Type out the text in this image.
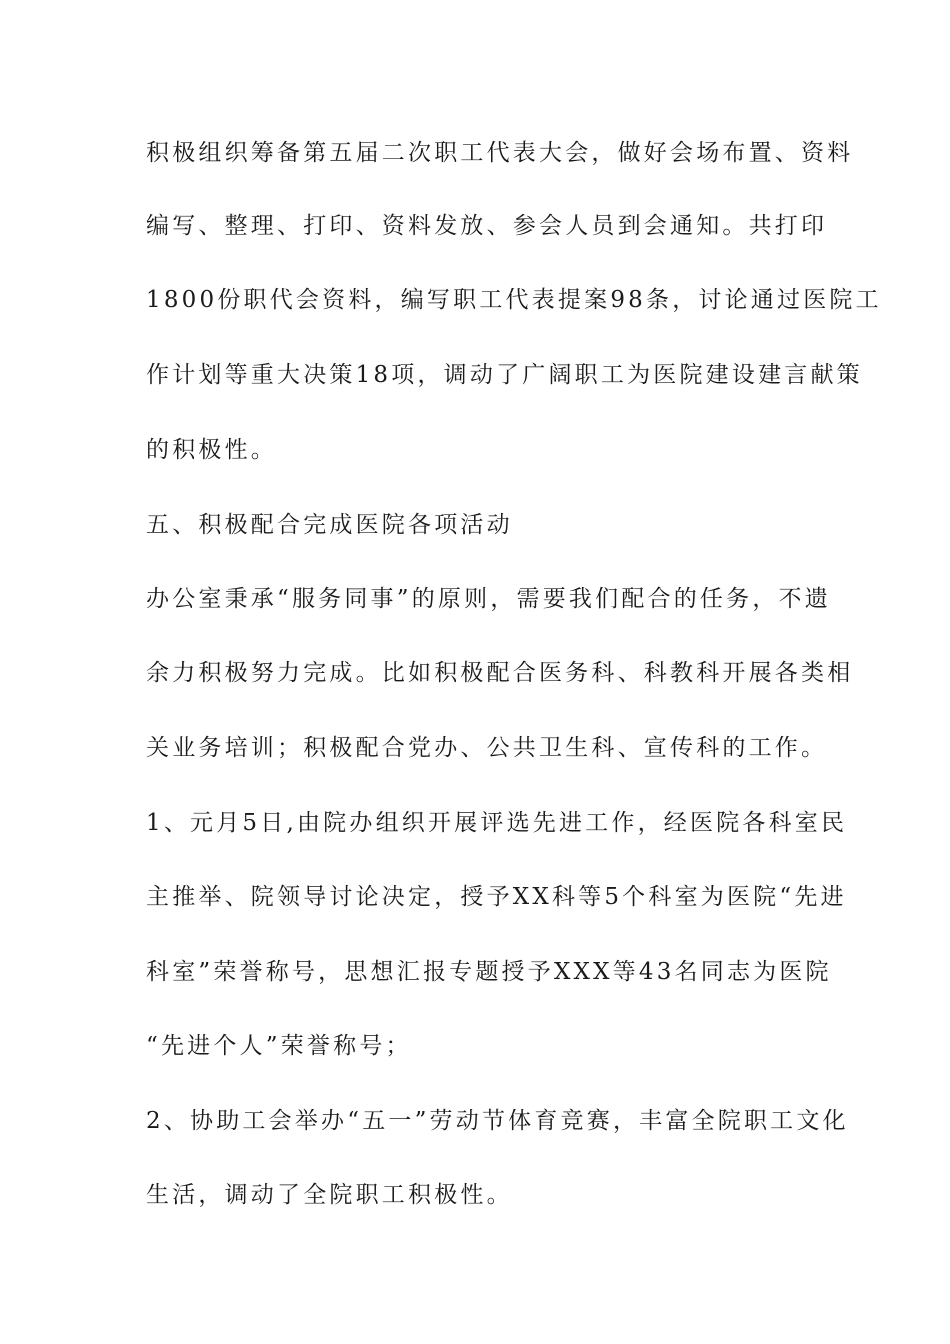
积极组织筹备第五届二次职工代表大会，做好会场布置、资料
编写、整理、打印、资料发放、参会人员到会通知。共打印
1800份职代会资料，编写职工代表提案98条，讨论通过医院工
作计划等重大决策18项，调动了广阔职工为医院建设建言献策
的积极性。
五、积极配合完成医院各项活动
办公室秉承“服务同事”的原则，需要我们配合的任务，不遗
余力积极努力完成。比如积极配合医务科、科教科开展各类相
关业务培训；积极配合党办、公共卫生科、宣传科的工作。
1、元月5日,由院办组织开展评选先进工作，经医院各科室民
主推举、院领导讨论决定，授予XX科等5个科室为医院“先进
科室”荣誉称号，思想汇报专题授予XXX等43名同志为医院
“先进个人”荣誉称号；
2、协助工会举办“五一”劳动节体育竞赛，丰富全院职工文化
生活，调动了全院职工积极性。
